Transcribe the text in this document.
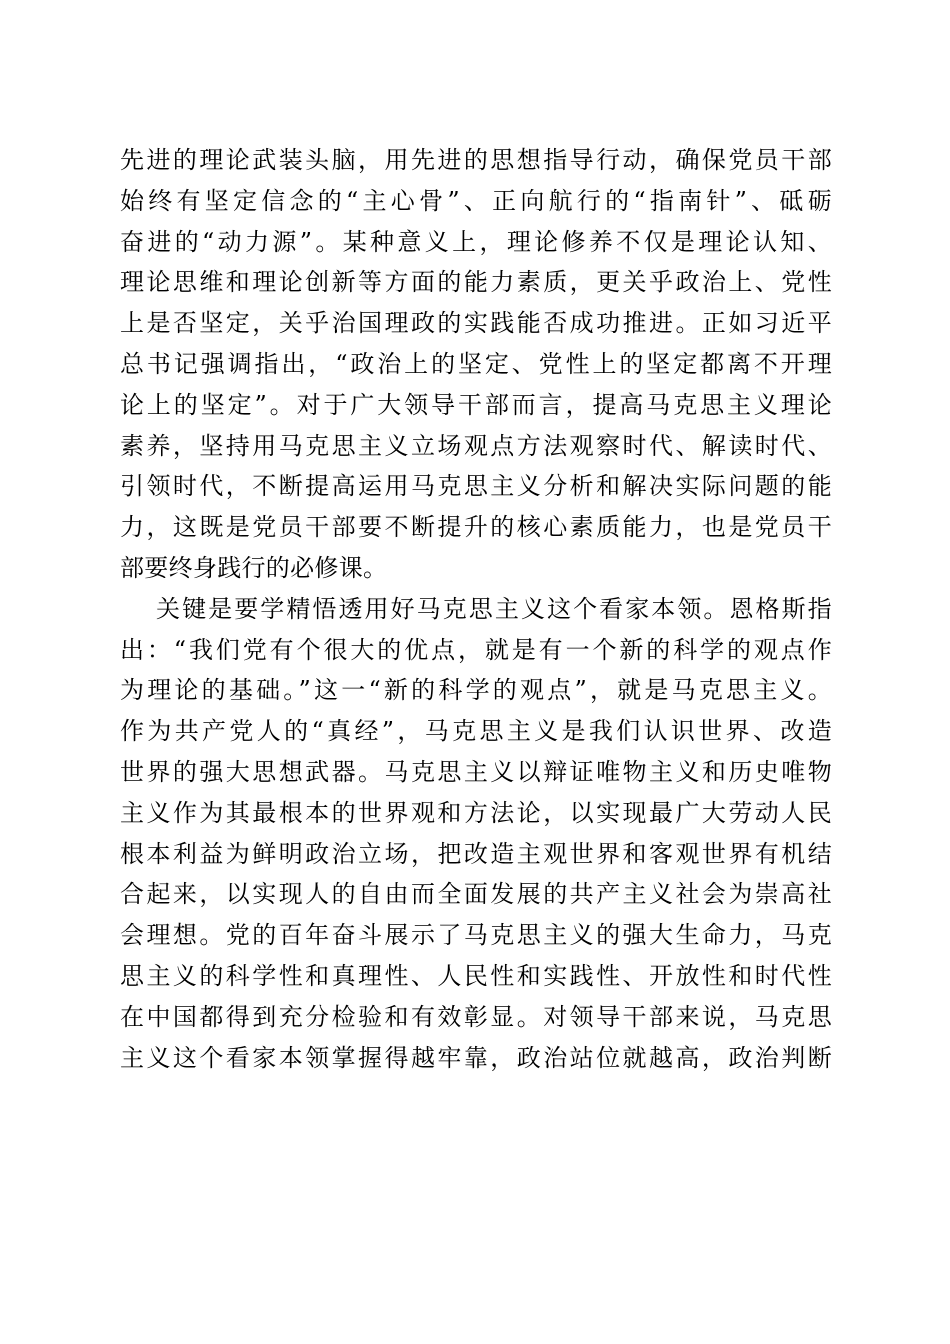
先进的理论武装头脑，用先进的思想指导行动，确保党员干部
始终有坚定信念的“主心骨”、正向航行的“指南针”、砥砺
奋进的“动力源”。某种意义上，理论修养不仅是理论认知、
理论思维和理论创新等方面的能力素质，更关乎政治上、党性
上是否坚定，关乎治国理政的实践能否成功推进。正如习近平
总书记强调指出，“政治上的坚定、党性上的坚定都离不开理
论上的坚定”。对于广大领导干部而言，提高马克思主义理论
素养，坚持用马克思主义立场观点方法观察时代、解读时代、
引领时代，不断提高运用马克思主义分析和解决实际问题的能
力，这既是党员干部要不断提升的核心素质能力，也是党员干
部要终身践行的必修课。
关键是要学精悟透用好马克思主义这个看家本领。恩格斯指
出：“我们党有个很大的优点，就是有一个新的科学的观点作
为理论的基础。”这一“新的科学的观点”，就是马克思主义。
作为共产党人的“真经”，马克思主义是我们认识世界、改造
世界的强大思想武器。马克思主义以辩证唯物主义和历史唯物
主义作为其最根本的世界观和方法论，以实现最广大劳动人民
根本利益为鲜明政治立场，把改造主观世界和客观世界有机结
合起来，以实现人的自由而全面发展的共产主义社会为崇高社
会理想。党的百年奋斗展示了马克思主义的强大生命力，马克
思主义的科学性和真理性、人民性和实践性、开放性和时代性
在中国都得到充分检验和有效彰显。对领导干部来说，马克思
主义这个看家本领掌握得越牢靠，政治站位就越高，政治判断
